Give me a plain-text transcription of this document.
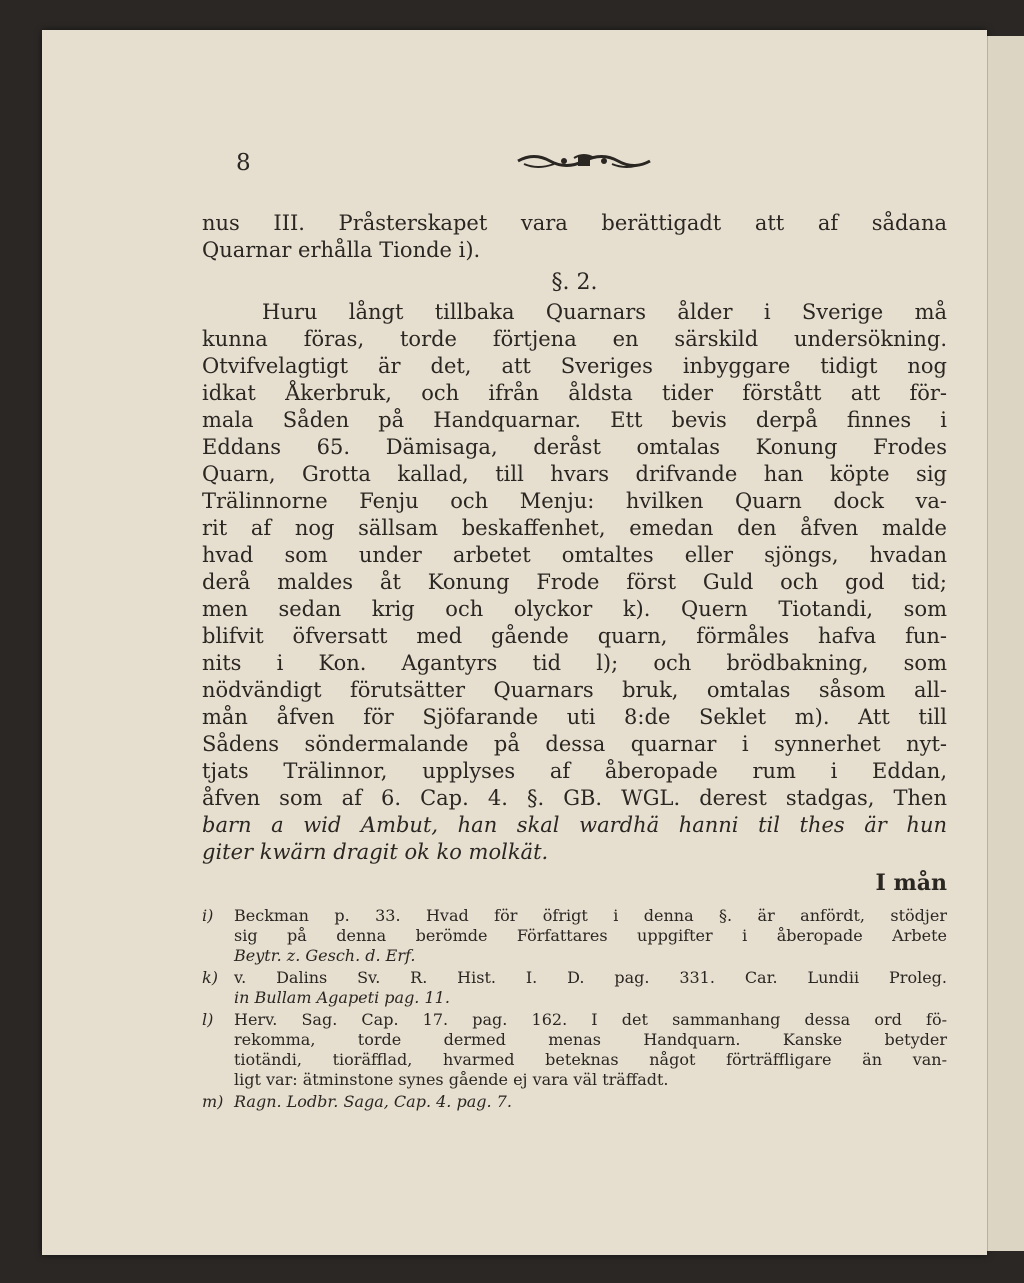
8
nus III. Pråsterskapet vara berättigadt att af sådana
Quarnar erhålla Tionde i).
§. 2.
Huru långt tillbaka Quarnars ålder i Sverige må
kunna föras, torde förtjena en särskild undersökning.
Otvifvelagtigt är det, att Sveriges inbyggare tidigt nog
idkat Åkerbruk, och ifrån åldsta tider förstått att för-
mala Såden på Handquarnar. Ett bevis derpå finnes i
Eddans 65. Dämisaga, deråst omtalas Konung Frodes
Quarn, Grotta kallad, till hvars drifvande han köpte sig
Trälinnorne Fenju och Menju: hvilken Quarn dock va-
rit af nog sällsam beskaffenhet, emedan den åfven malde
hvad som under arbetet omtaltes eller sjöngs, hvadan
derå maldes åt Konung Frode först Guld och god tid;
men sedan krig och olyckor k). Quern Tiotandi, som
blifvit öfversatt med gående quarn, förmåles hafva fun-
nits i Kon. Agantyrs tid l); och brödbakning, som
nödvändigt förutsätter Quarnars bruk, omtalas såsom all-
mån åfven för Sjöfarande uti 8:de Seklet m). Att till
Sådens söndermalande på dessa quarnar i synnerhet nyt-
tjats Trälinnor, upplyses af åberopade rum i Eddan,
åfven som af 6. Cap. 4. §. GB. WGL. derest stadgas, Then
barn a wid Ambut, han skal wardhä hanni til thes är hun
giter kwärn dragit ok ko molkät.
I mån
i)	Beckman p. 33. Hvad för öfrigt i denna §. är anfördt, stödjer
sig på denna berömde Författares uppgifter i åberopade Arbete
Beytr. z. Gesch. d. Erf.
k)	v. Dalins Sv. R. Hist. I. D. pag. 331. Car. Lundii Proleg.
in Bullam Agapeti pag. 11.
l)	Herv. Sag. Cap. 17. pag. 162. I det sammanhang dessa ord fö-
rekomma, torde dermed menas Handquarn. Kanske betyder
tiotändi, tioräfflad, hvarmed beteknas något förträffligare än van-
ligt var: ätminstone synes gående ej vara väl träffadt.
m) Ragn. Lodbr. Saga, Cap. 4. pag. 7.
